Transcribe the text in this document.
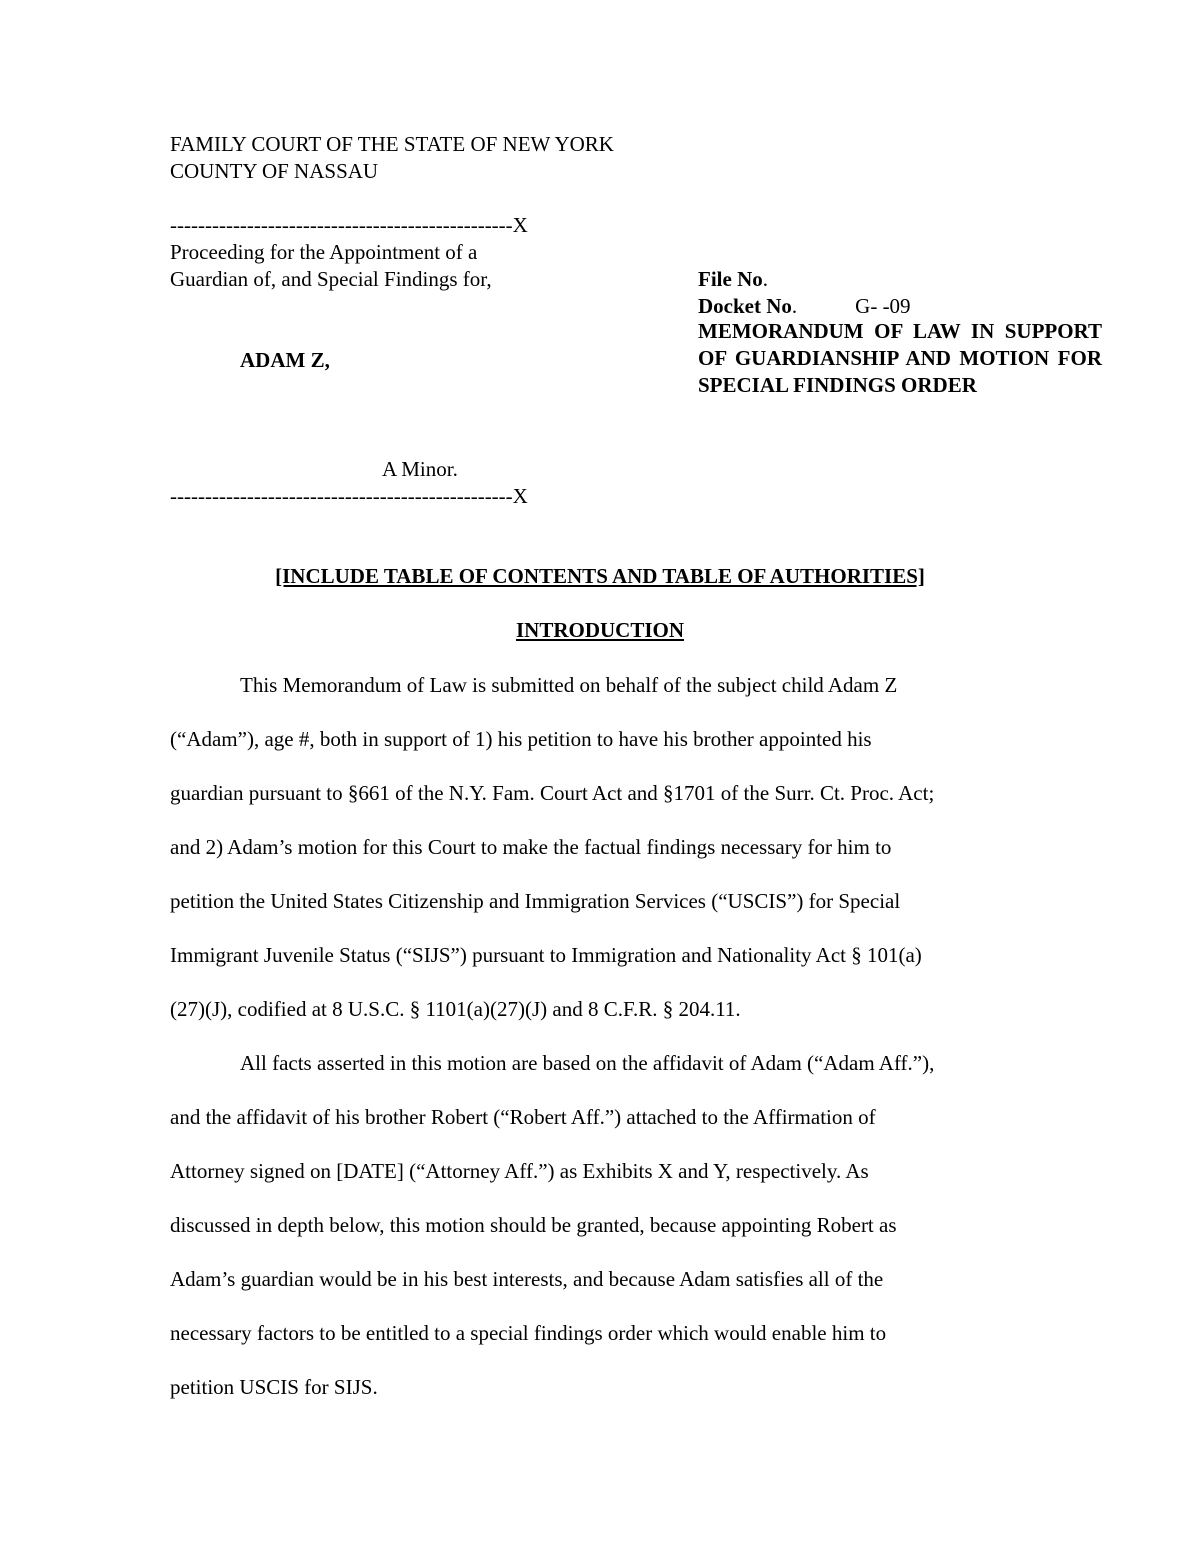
FAMILY COURT OF THE STATE OF NEW YORK
COUNTY OF NASSAU
-------------------------------------------------X
Proceeding for the Appointment of a
Guardian of, and Special Findings for,
ADAM Z,
A Minor.
-------------------------------------------------X
File No.
Docket No.	G- -09
MEMORANDUM OF LAW IN SUPPORT OF GUARDIANSHIP AND MOTION FOR SPECIAL FINDINGS ORDER
[INCLUDE TABLE OF CONTENTS AND TABLE OF AUTHORITIES]
INTRODUCTION
This Memorandum of Law is submitted on behalf of the subject child Adam Z
(“Adam”), age #, both in support of 1) his petition to have his brother appointed his
guardian pursuant to §661 of the N.Y. Fam. Court Act and §1701 of the Surr. Ct. Proc. Act;
and 2) Adam’s motion for this Court to make the factual findings necessary for him to
petition the United States Citizenship and Immigration Services (“USCIS”) for Special
Immigrant Juvenile Status (“SIJS”) pursuant to Immigration and Nationality Act § 101(a)
(27)(J), codified at 8 U.S.C. § 1101(a)(27)(J) and 8 C.F.R. § 204.11.
All facts asserted in this motion are based on the affidavit of Adam (“Adam Aff.”),
and the affidavit of his brother Robert (“Robert Aff.”) attached to the Affirmation of
Attorney signed on [DATE] (“Attorney Aff.”) as Exhibits X and Y, respectively. As
discussed in depth below, this motion should be granted, because appointing Robert as
Adam’s guardian would be in his best interests, and because Adam satisfies all of the
necessary factors to be entitled to a special findings order which would enable him to
petition USCIS for SIJS.
